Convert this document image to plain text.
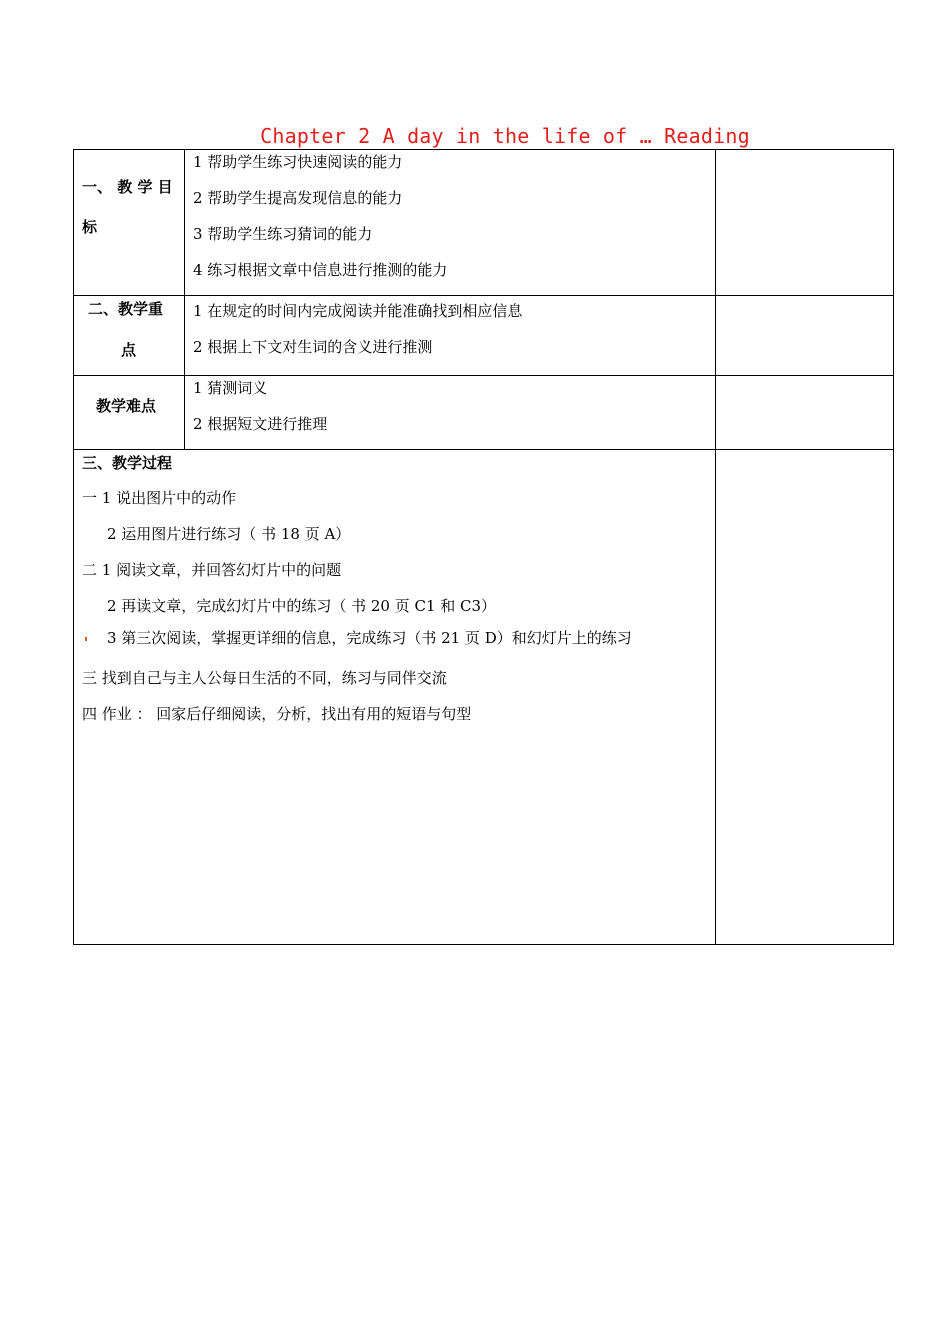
Chapter 2 A day in the life of … Reading
一、 教 学 目
标
1 帮助学生练习快速阅读的能力
2 帮助学生提高发现信息的能力
3 帮助学生练习猜词的能力
4 练习根据文章中信息进行推测的能力
二、教学重
点
1 在规定的时间内完成阅读并能准确找到相应信息
2 根据上下文对生词的含义进行推测
教学难点
1 猜测词义
2 根据短文进行推理
三、教学过程
一 1 说出图片中的动作
2 运用图片进行练习（ 书 18 页 A）
二 1 阅读文章，并回答幻灯片中的问题
2 再读文章，完成幻灯片中的练习（ 书 20 页 C1 和 C3）
3 第三次阅读，掌握更详细的信息，完成练习（书 21 页 D）和幻灯片上的练习
三 找到自己与主人公每日生活的不同，练习与同伴交流
四 作业 ： 回家后仔细阅读，分析，找出有用的短语与句型
